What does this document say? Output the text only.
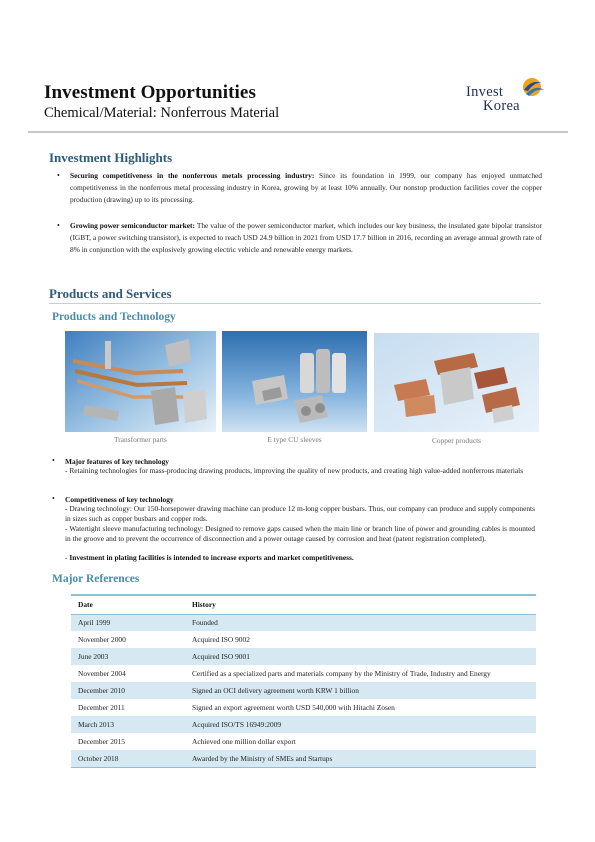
Investment Opportunities
Chemical/Material: Nonferrous Material
Invest
Korea
Investment Highlights
• Securing competitiveness in the nonferrous metals processing industry: Since its foundation in 1999, our company has enjoyed unmatched competitiveness in the nonferrous metal processing industry in Korea, growing by at least 10% annually. Our nonstop production facilities cover the copper production (drawing) up to its processing.
• Growing power semiconductor market: The value of the power semiconductor market, which includes our key business, the insulated gate bipolar transistor (IGBT, a power switching transistor), is expected to reach USD 24.9 billion in 2021 from USD 17.7 billion in 2016, recording an average annual growth rate of 8% in conjunction with the explosively growing electric vehicle and renewable energy markets.
Products and Services
Products and Technology
Transformer parts	E type CU sleeves	Copper products
• Major features of key technology
- Retaining technologies for mass-producing drawing products, improving the quality of new products, and creating high value-added nonferrous materials
• Competitiveness of key technology
- Drawing technology: Our 150-horsepower drawing machine can produce 12 m-long copper busbars. Thus, our company can produce and supply components in sizes such as copper busbars and copper rods.
- Watertight sleeve manufacturing technology: Designed to remove gaps caused when the main line or branch line of power and grounding cables is mounted in the groove and to prevent the occurrence of disconnection and a power outage caused by corrosion and heat (patent registration completed).
- Investment in plating facilities is intended to increase exports and market competitiveness.
Major References
Date	History
April 1999	Founded
November 2000	Acquired ISO 9002
June 2003	Acquired ISO 9001
November 2004	Certified as a specialized parts and materials company by the Ministry of Trade, Industry and Energy
December 2010	Signed an OCI delivery agreement worth KRW 1 billion
December 2011	Signed an export agreement worth USD 540,000 with Hitachi Zosen
March 2013	Acquired ISO/TS 16949:2009
December 2015	Achieved one million dollar export
October 2018	Awarded by the Ministry of SMEs and Startups
